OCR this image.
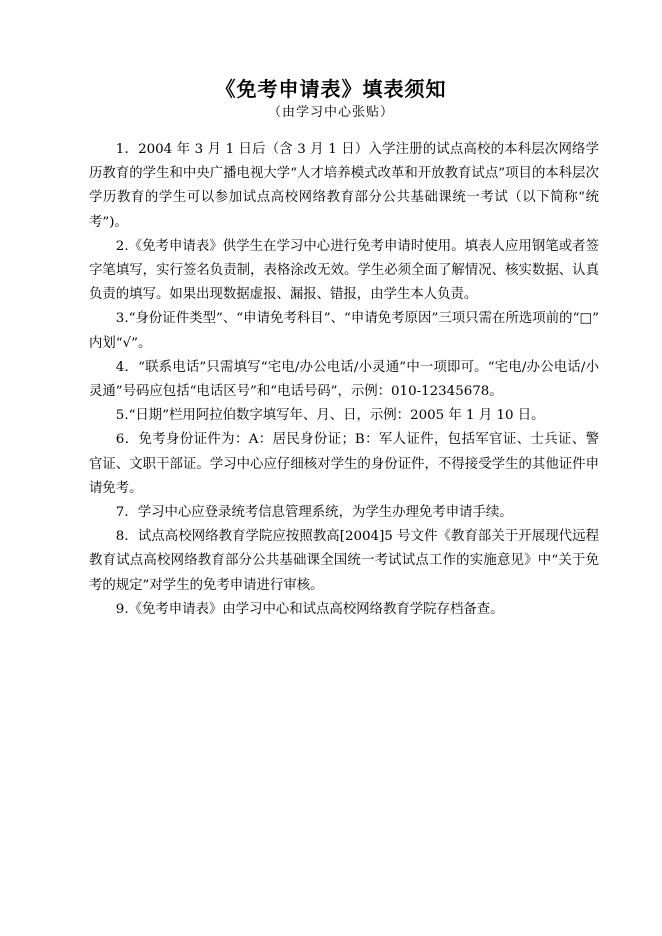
《免考申请表》填表须知
（由学习中心张贴）

1．2004 年 3 月 1 日后（含 3 月 1 日）入学注册的试点高校的本科层次网络学历教育的学生和中央广播电视大学“人才培养模式改革和开放教育试点”项目的本科层次学历教育的学生可以参加试点高校网络教育部分公共基础课统一考试（以下简称“统考”)。

2.《免考申请表》供学生在学习中心进行免考申请时使用。填表人应用钢笔或者签字笔填写，实行签名负责制，表格涂改无效。学生必须全面了解情况、核实数据、认真负责的填写。如果出现数据虚报、漏报、错报，由学生本人负责。

3.“身份证件类型”、“申请免考科目”、“申请免考原因”三项只需在所选项前的“□” 内划“√”。

4．“联系电话”只需填写“宅电/办公电话/小灵通”中一项即可。“宅电/办公电话/小灵通”号码应包括“电话区号”和“电话号码”，示例：010-12345678。

5.“日期”栏用阿拉伯数字填写年、月、日，示例：2005 年 1 月 10 日。

6．免考身份证件为：A：居民身份证；B：军人证件，包括军官证、士兵证、警官证、文职干部证。学习中心应仔细核对学生的身份证件，不得接受学生的其他证件申请免考。

7．学习中心应登录统考信息管理系统，为学生办理免考申请手续。

8．试点高校网络教育学院应按照教高[2004]5 号文件《教育部关于开展现代远程教育试点高校网络教育部分公共基础课全国统一考试试点工作的实施意见》中“关于免考的规定”对学生的免考申请进行审核。

9.《免考申请表》由学习中心和试点高校网络教育学院存档备查。
